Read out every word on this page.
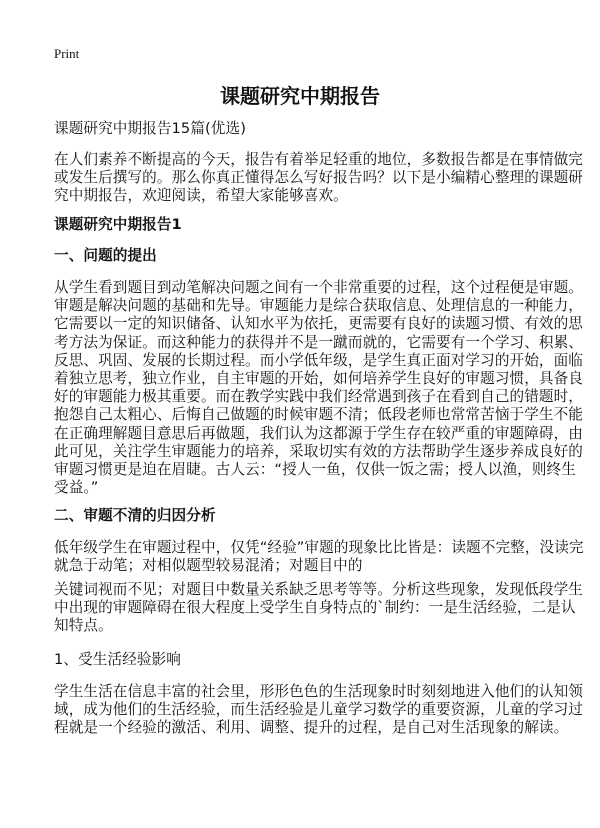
Print
课题研究中期报告
课题研究中期报告15篇(优选)
在人们素养不断提高的今天，报告有着举足轻重的地位，多数报告都是在事情做完
或发生后撰写的。那么你真正懂得怎么写好报告吗？以下是小编精心整理的课题研
究中期报告，欢迎阅读，希望大家能够喜欢。
课题研究中期报告1
一、问题的提出
从学生看到题目到动笔解决问题之间有一个非常重要的过程，这个过程便是审题。
审题是解决问题的基础和先导。审题能力是综合获取信息、处理信息的一种能力，
它需要以一定的知识储备、认知水平为依托，更需要有良好的读题习惯、有效的思
考方法为保证。而这种能力的获得并不是一蹴而就的，它需要有一个学习、积累、
反思、巩固、发展的长期过程。而小学低年级，是学生真正面对学习的开始，面临
着独立思考，独立作业，自主审题的开始，如何培养学生良好的审题习惯，具备良
好的审题能力极其重要。而在教学实践中我们经常遇到孩子在看到自己的错题时，
抱怨自己太粗心、后悔自己做题的时候审题不清；低段老师也常常苦恼于学生不能
在正确理解题目意思后再做题，我们认为这都源于学生存在较严重的审题障碍，由
此可见，关注学生审题能力的培养，采取切实有效的方法帮助学生逐步养成良好的
审题习惯更是迫在眉睫。古人云：“授人一鱼，仅供一饭之需；授人以渔，则终生
受益。”
二、审题不清的归因分析
低年级学生在审题过程中，仅凭“经验”审题的现象比比皆是：读题不完整，没读完
就急于动笔；对相似题型较易混淆；对题目中的
关键词视而不见；对题目中数量关系缺乏思考等等。分析这些现象，发现低段学生
中出现的审题障碍在很大程度上受学生自身特点的`制约：一是生活经验，二是认
知特点。
1、受生活经验影响
学生生活在信息丰富的社会里，形形色色的生活现象时时刻刻地进入他们的认知领
域，成为他们的生活经验，而生活经验是儿童学习数学的重要资源，儿童的学习过
程就是一个经验的激活、利用、调整、提升的过程，是自己对生活现象的解读。
